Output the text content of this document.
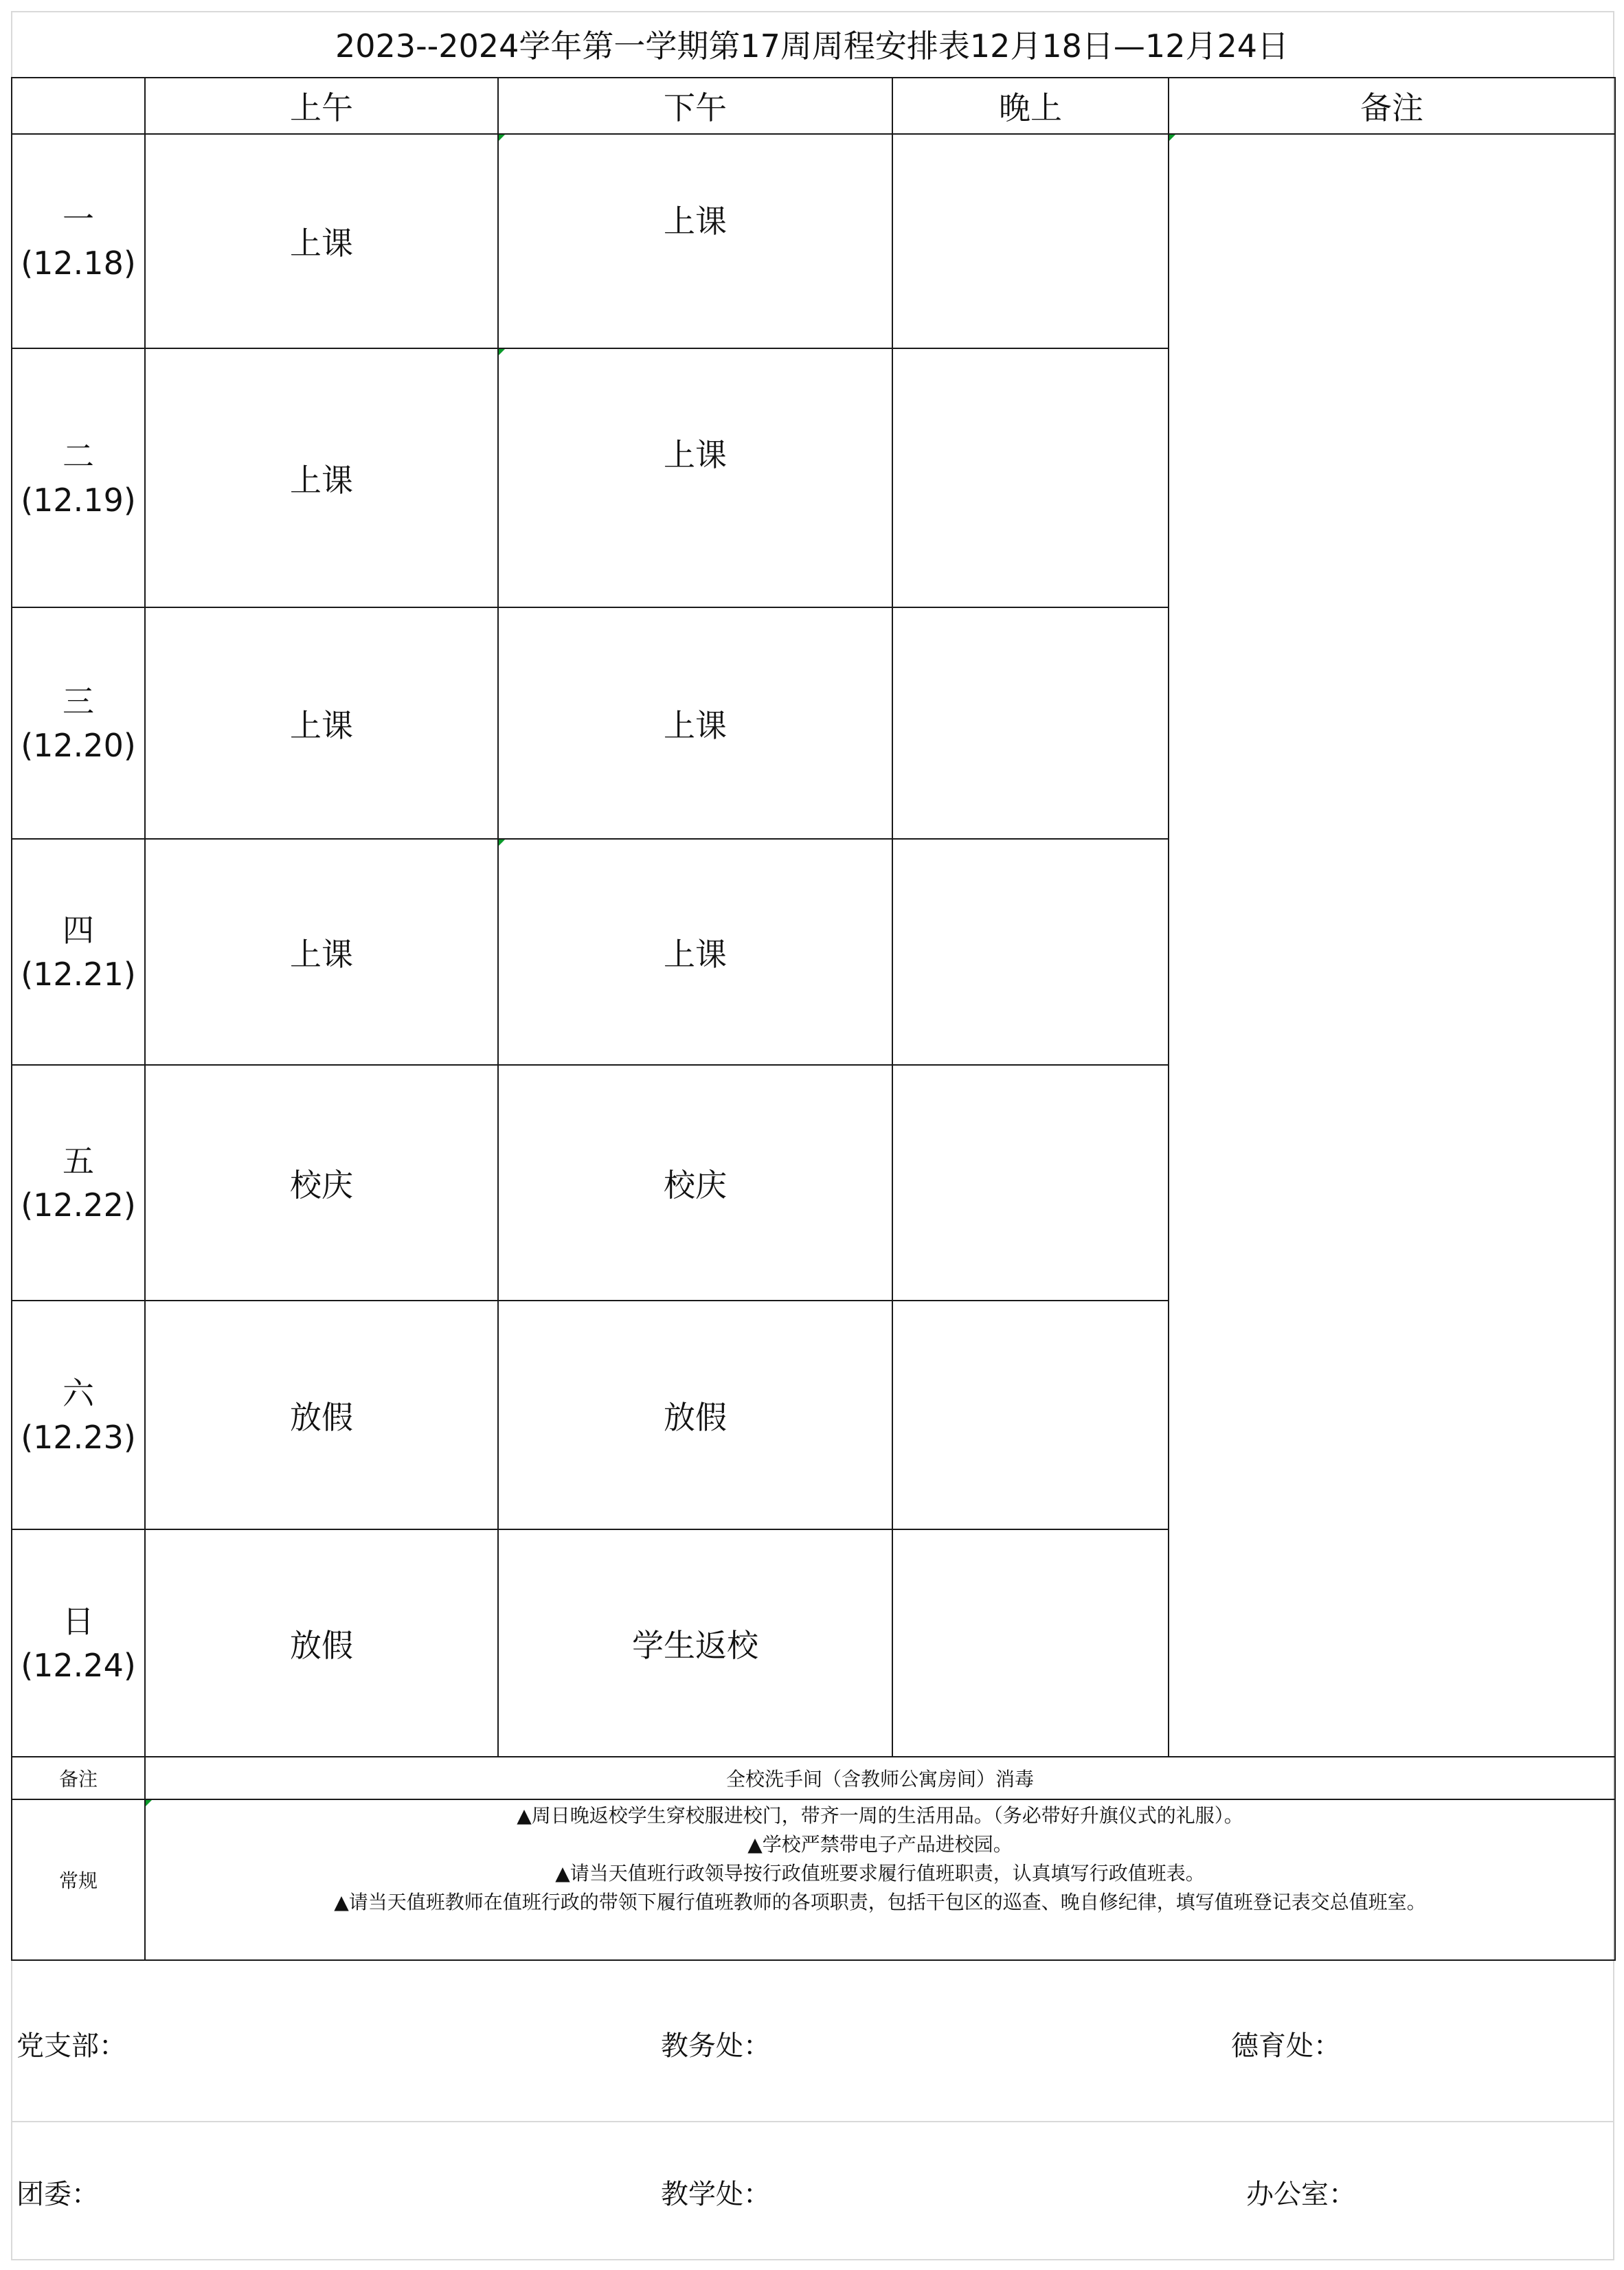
2023--2024学年第一学期第17周周程安排表12月18日—12月24日
	上午	下午	晚上	备注

一
(12.18)	上课	上课		

二
(12.19)	上课	上课		

三
(12.20)	上课	上课		

四
(12.21)	上课	上课		

五
(12.22)	校庆	校庆		

六
(12.23)	放假	放假		

日
(12.24)	放假	学生返校		
备注	全校洗手间（含教师公寓房间）消毒			
常规	▲周日晚返校学生穿校服进校门，带齐一周的生活用品。（务必带好升旗仪式的礼服）。
▲学校严禁带电子产品进校园。
▲请当天值班行政领导按行政值班要求履行值班职责，认真填写行政值班表。
▲请当天值班教师在值班行政的带领下履行值班教师的各项职责，包括干包区的巡查、晚自修纪律，填写值班登记表交总值班室。			
党支部：	教务处：	德育处：
团委：	教学处：	办公室：
